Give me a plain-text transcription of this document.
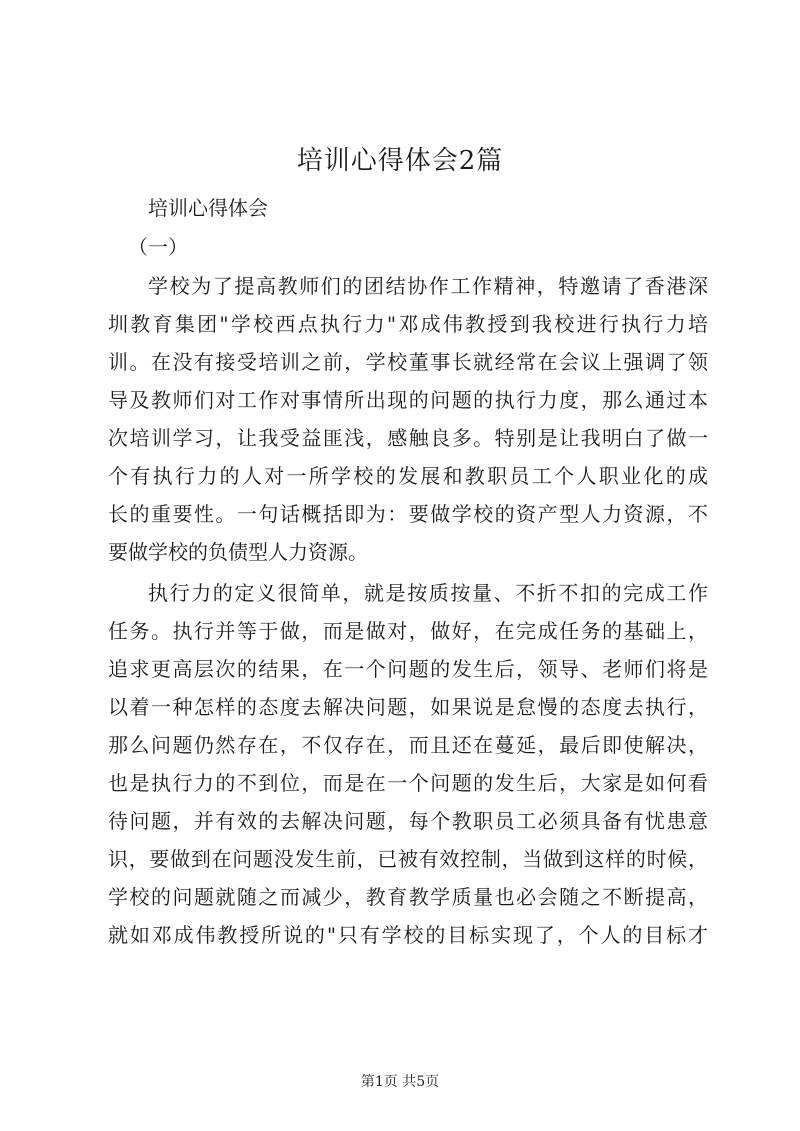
培训心得体会2篇

培训心得体会

（一）

学校为了提高教师们的团结协作工作精神，特邀请了香港深

圳教育集团"学校西点执行力"邓成伟教授到我校进行执行力培

训。在没有接受培训之前，学校董事长就经常在会议上强调了领

导及教师们对工作对事情所出现的问题的执行力度，那么通过本

次培训学习，让我受益匪浅，感触良多。特别是让我明白了做一

个有执行力的人对一所学校的发展和教职员工个人职业化的成

长的重要性。一句话概括即为：要做学校的资产型人力资源，不

要做学校的负债型人力资源。

执行力的定义很简单，就是按质按量、不折不扣的完成工作

任务。执行并等于做，而是做对，做好，在完成任务的基础上，

追求更高层次的结果，在一个问题的发生后，领导、老师们将是

以着一种怎样的态度去解决问题，如果说是怠慢的态度去执行，

那么问题仍然存在，不仅存在，而且还在蔓延，最后即使解决，

也是执行力的不到位，而是在一个问题的发生后，大家是如何看

待问题，并有效的去解决问题，每个教职员工必须具备有忧患意

识，要做到在问题没发生前，已被有效控制，当做到这样的时候，

学校的问题就随之而减少，教育教学质量也必会随之不断提高，

就如邓成伟教授所说的"只有学校的目标实现了，个人的目标才

第1页 共5页
